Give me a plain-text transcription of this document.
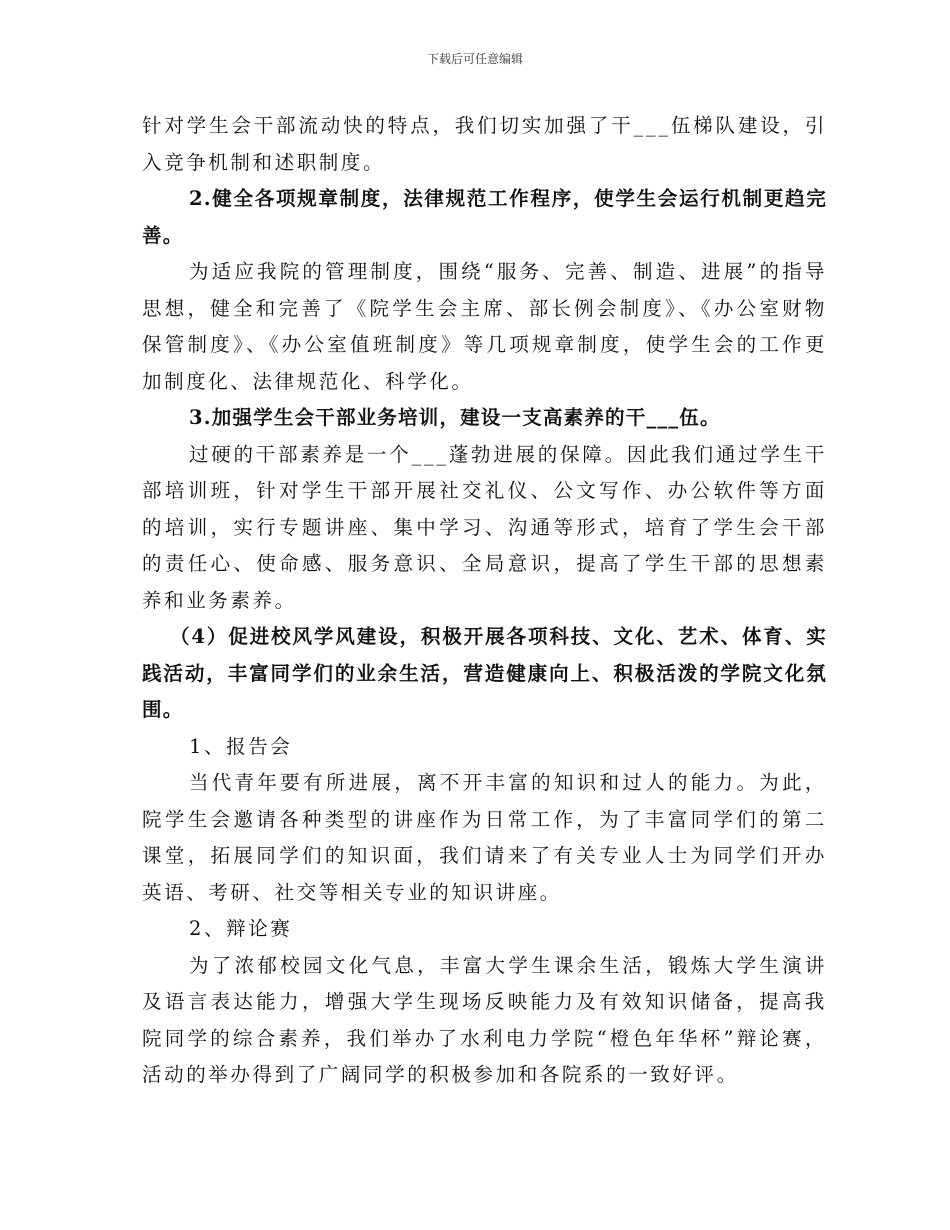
下载后可任意编辑

针对学生会干部流动快的特点，我们切实加强了干___伍梯队建设，引入竞争机制和述职制度。

2.健全各项规章制度，法律规范工作程序，使学生会运行机制更趋完善。

为适应我院的管理制度，围绕“服务、完善、制造、进展”的指导思想，健全和完善了《院学生会主席、部长例会制度》、《办公室财物保管制度》、《办公室值班制度》等几项规章制度，使学生会的工作更加制度化、法律规范化、科学化。

3.加强学生会干部业务培训，建设一支高素养的干___伍。

过硬的干部素养是一个___蓬勃进展的保障。因此我们通过学生干部培训班，针对学生干部开展社交礼仪、公文写作、办公软件等方面的培训，实行专题讲座、集中学习、沟通等形式，培育了学生会干部的责任心、使命感、服务意识、全局意识，提高了学生干部的思想素养和业务素养。

（4）促进校风学风建设，积极开展各项科技、文化、艺术、体育、实践活动，丰富同学们的业余生活，营造健康向上、积极活泼的学院文化氛围。

1、报告会

当代青年要有所进展，离不开丰富的知识和过人的能力。为此，院学生会邀请各种类型的讲座作为日常工作，为了丰富同学们的第二课堂，拓展同学们的知识面，我们请来了有关专业人士为同学们开办英语、考研、社交等相关专业的知识讲座。

2、辩论赛

为了浓郁校园文化气息，丰富大学生课余生活，锻炼大学生演讲及语言表达能力，增强大学生现场反映能力及有效知识储备，提高我院同学的综合素养，我们举办了水利电力学院“橙色年华杯”辩论赛，活动的举办得到了广阔同学的积极参加和各院系的一致好评。
